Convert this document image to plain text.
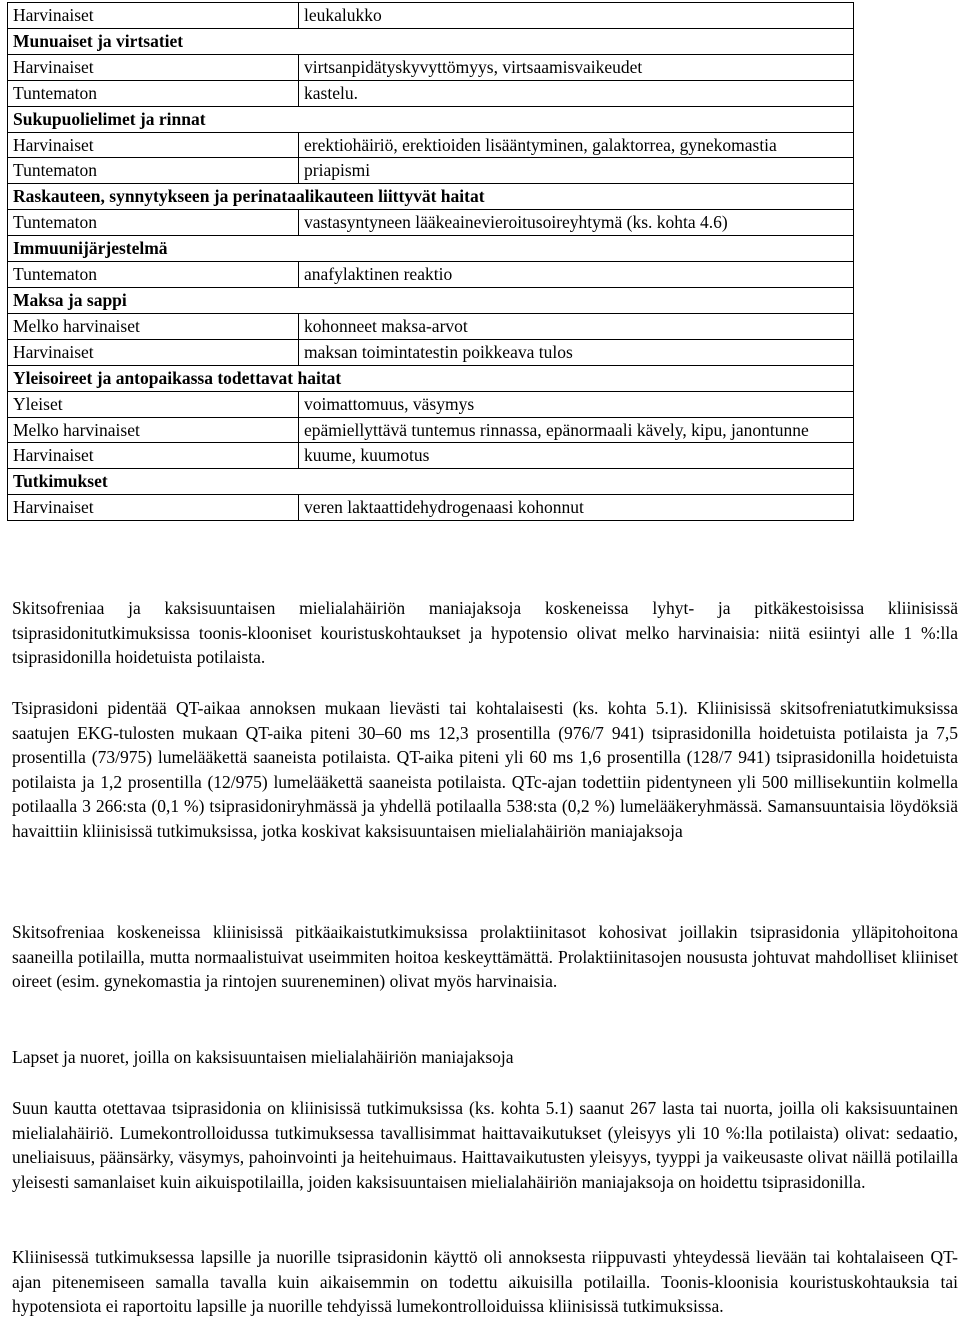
Harvinaiset	leukalukko
Munuaiset ja virtsatiet	
Harvinaiset	virtsanpidätyskyvyttömyys, virtsaamisvaikeudet
Tuntematon	kastelu.
Sukupuolielimet ja rinnat	
Harvinaiset	erektiohäiriö, erektioiden lisääntyminen, galaktorrea, gynekomastia
Tuntematon	priapismi
Raskauteen, synnytykseen ja perinataalikauteen liittyvät haitat	
Tuntematon	vastasyntyneen lääkeainevieroitusoireyhtymä (ks. kohta 4.6)
Immuunijärjestelmä	
Tuntematon	anafylaktinen reaktio
Maksa ja sappi	
Melko harvinaiset	kohonneet maksa-arvot
Harvinaiset	maksan toimintatestin poikkeava tulos
Yleisoireet ja antopaikassa todettavat haitat	
Yleiset	voimattomuus, väsymys
Melko harvinaiset	epämiellyttävä tuntemus rinnassa, epänormaali kävely, kipu, janontunne
Harvinaiset	kuume, kuumotus
Tutkimukset	
Harvinaiset	veren laktaattidehydrogenaasi kohonnut

Skitsofreniaa ja kaksisuuntaisen mielialahäiriön maniajaksoja koskeneissa lyhyt- ja pitkäkestoisissa kliinisissä tsiprasidonitutkimuksissa toonis-klooniset kouristuskohtaukset ja hypotensio olivat melko harvinaisia: niitä esiintyi alle 1 %:lla tsiprasidonilla hoidetuista potilaista.

Tsiprasidoni pidentää QT-aikaa annoksen mukaan lievästi tai kohtalaisesti (ks. kohta 5.1). Kliinisissä skitsofreniatutkimuksissa saatujen EKG-tulosten mukaan QT-aika piteni 30–60 ms 12,3 prosentilla (976/7 941) tsiprasidonilla hoidetuista potilaista ja 7,5 prosentilla (73/975) lumelääkettä saaneista potilaista. QT-aika piteni yli 60 ms 1,6 prosentilla (128/7 941) tsiprasidonilla hoidetuista potilaista ja 1,2 prosentilla (12/975) lumelääkettä saaneista potilaista. QTc-ajan todettiin pidentyneen yli 500 millisekuntiin kolmella potilaalla 3 266:sta (0,1 %) tsiprasidoniryhmässä ja yhdellä potilaalla 538:sta (0,2 %) lumelääkeryhmässä. Samansuuntaisia löydöksiä havaittiin kliinisissä tutkimuksissa, jotka koskivat kaksisuuntaisen mielialahäiriön maniajaksoja

Skitsofreniaa koskeneissa kliinisissä pitkäaikaistutkimuksissa prolaktiinitasot kohosivat joillakin tsiprasidonia ylläpitohoitona saaneilla potilailla, mutta normaalistuivat useimmiten hoitoa keskeyttämättä. Prolaktiinitasojen noususta johtuvat mahdolliset kliiniset oireet (esim. gynekomastia ja rintojen suureneminen) olivat myös harvinaisia.

Lapset ja nuoret, joilla on kaksisuuntaisen mielialahäiriön maniajaksoja

Suun kautta otettavaa tsiprasidonia on kliinisissä tutkimuksissa (ks. kohta 5.1) saanut 267 lasta tai nuorta, joilla oli kaksisuuntainen mielialahäiriö. Lumekontrolloidussa tutkimuksessa tavallisimmat haittavaikutukset (yleisyys yli 10 %:lla potilaista) olivat: sedaatio, uneliaisuus, päänsärky, väsymys, pahoinvointi ja heitehuimaus. Haittavaikutusten yleisyys, tyyppi ja vaikeusaste olivat näillä potilailla yleisesti samanlaiset kuin aikuispotilailla, joiden kaksisuuntaisen mielialahäiriön maniajaksoja on hoidettu tsiprasidonilla.

Kliinisessä tutkimuksessa lapsille ja nuorille tsiprasidonin käyttö oli annoksesta riippuvasti yhteydessä lievään tai kohtalaiseen QT-ajan pitenemiseen samalla tavalla kuin aikaisemmin on todettu aikuisilla potilailla. Toonis-kloonisia kouristuskohtauksia tai hypotensiota ei raportoitu lapsille ja nuorille tehdyissä lumekontrolloiduissa kliinisissä tutkimuksissa.
